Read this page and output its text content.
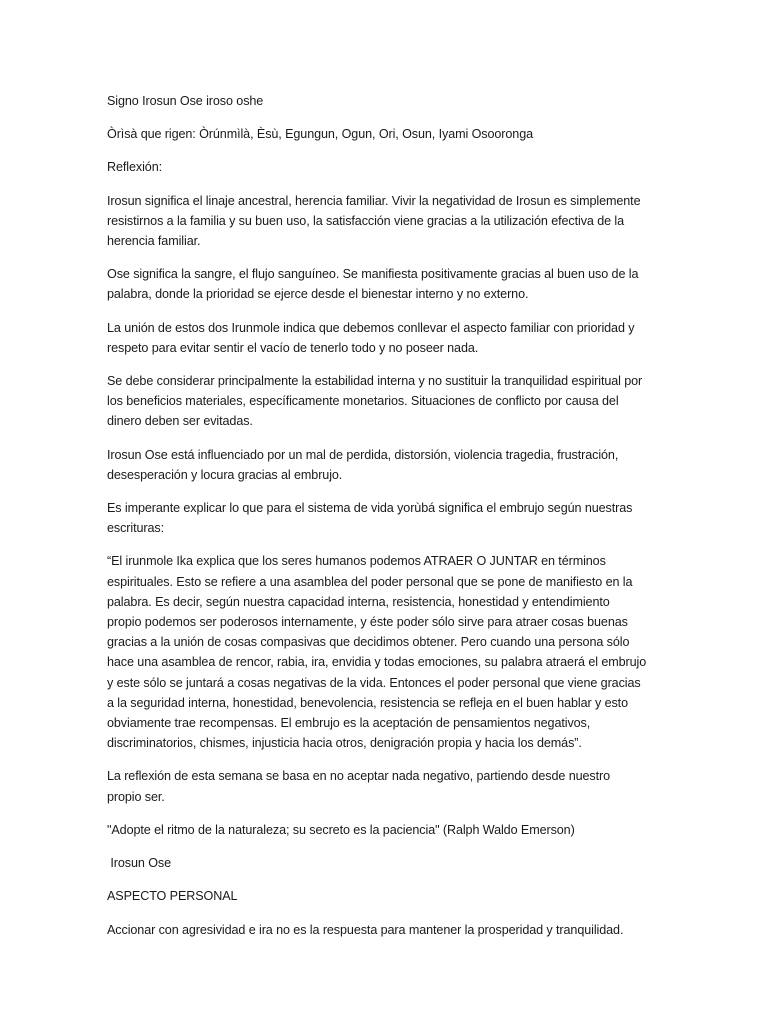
Signo Irosun Ose iroso oshe

Òrìsà que rigen: Òrúnmìlà, Èsù, Egungun, Ogun, Ori, Osun, Iyami Osooronga

Reflexión:

Irosun significa el linaje ancestral, herencia familiar. Vivir la negatividad de Irosun es simplemente resistirnos a la familia y su buen uso, la satisfacción viene gracias a la utilización efectiva de la herencia familiar.

Ose significa la sangre, el flujo sanguíneo. Se manifiesta positivamente gracias al buen uso de la palabra, donde la prioridad se ejerce desde el bienestar interno y no externo.

La unión de estos dos Irunmole indica que debemos conllevar el aspecto familiar con prioridad y respeto para evitar sentir el vacío de tenerlo todo y no poseer nada.

Se debe considerar principalmente la estabilidad interna y no sustituir la tranquilidad espiritual por los beneficios materiales, específicamente monetarios. Situaciones de conflicto por causa del dinero deben ser evitadas.

Irosun Ose está influenciado por un mal de perdida, distorsión, violencia tragedia, frustración, desesperación y locura gracias al embrujo.

Es imperante explicar lo que para el sistema de vida yorùbá significa el embrujo según nuestras escrituras:

“El irunmole Ika explica que los seres humanos podemos ATRAER O JUNTAR en términos espirituales. Esto se refiere a una asamblea del poder personal que se pone de manifiesto en la palabra. Es decir, según nuestra capacidad interna, resistencia, honestidad y entendimiento propio podemos ser poderosos internamente, y éste poder sólo sirve para atraer cosas buenas gracias a la unión de cosas compasivas que decidimos obtener. Pero cuando una persona sólo hace una asamblea de rencor, rabia, ira, envidia y todas emociones, su palabra atraerá el embrujo y este sólo se juntará a cosas negativas de la vida. Entonces el poder personal que viene gracias a la seguridad interna, honestidad, benevolencia, resistencia se refleja en el buen hablar y esto obviamente trae recompensas. El embrujo es la aceptación de pensamientos negativos, discriminatorios, chismes, injusticia hacia otros, denigración propia y hacia los demás”.

La reflexión de esta semana se basa en no aceptar nada negativo, partiendo desde nuestro propio ser.

"Adopte el ritmo de la naturaleza; su secreto es la paciencia" (Ralph Waldo Emerson)

Irosun Ose

ASPECTO PERSONAL

Accionar con agresividad e ira no es la respuesta para mantener la prosperidad y tranquilidad.
